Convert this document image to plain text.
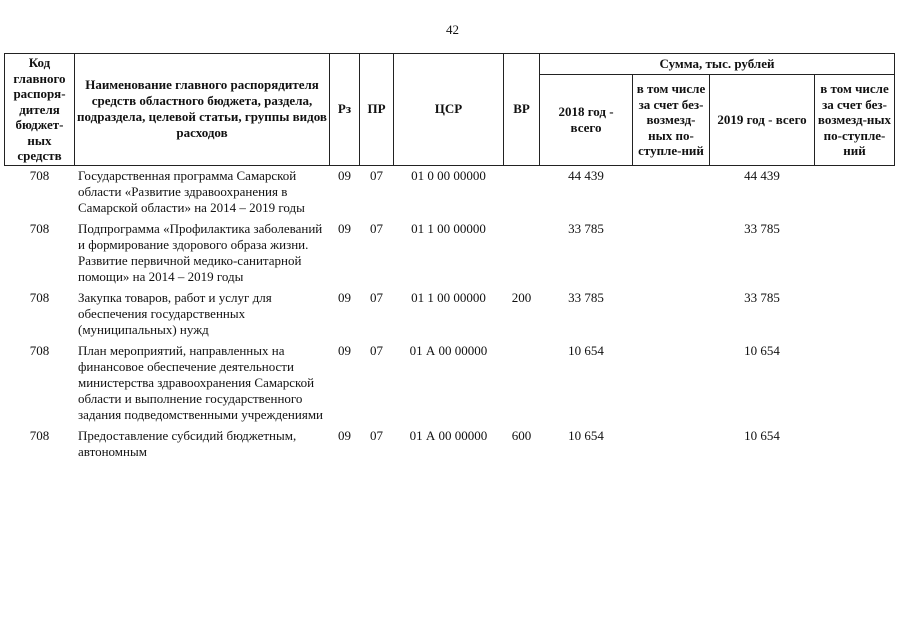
42
Код главного распоря-дителя бюджет-ных средств	Наименование главного распорядителя средств областного бюджета, раздела, подраздела, целевой статьи, группы видов расходов	Рз	ПР	ЦСР	ВР	Сумма, тыс. рублей			
						2018 год - всего	в том числе за счет без-возмезд-ных по-ступле-ний	2019 год - всего	в том числе за счет без-возмезд-ных по-ступле-ний
708	Государственная программа Самарской области «Развитие здравоохранения в Самарской области» на 2014 – 2019 годы	09	07	01 0 00 00000		44 439		44 439	
708	Подпрограмма «Профилактика заболеваний и формирование здорового образа жизни. Развитие первичной медико-санитарной помощи» на 2014 – 2019 годы	09	07	01 1 00 00000		33 785		33 785	
708	Закупка товаров, работ и услуг для обеспечения государственных (муниципальных) нужд	09	07	01 1 00 00000	200	33 785		33 785	
708	План мероприятий, направленных на финансовое обеспечение деятельности министерства здравоохранения Самарской области и выполнение государственного задания подведомственными учреждениями	09	07	01 А 00 00000		10 654		10 654	
708	Предоставление субсидий бюджетным, автономным	09	07	01 А 00 00000	600	10 654		10 654	
